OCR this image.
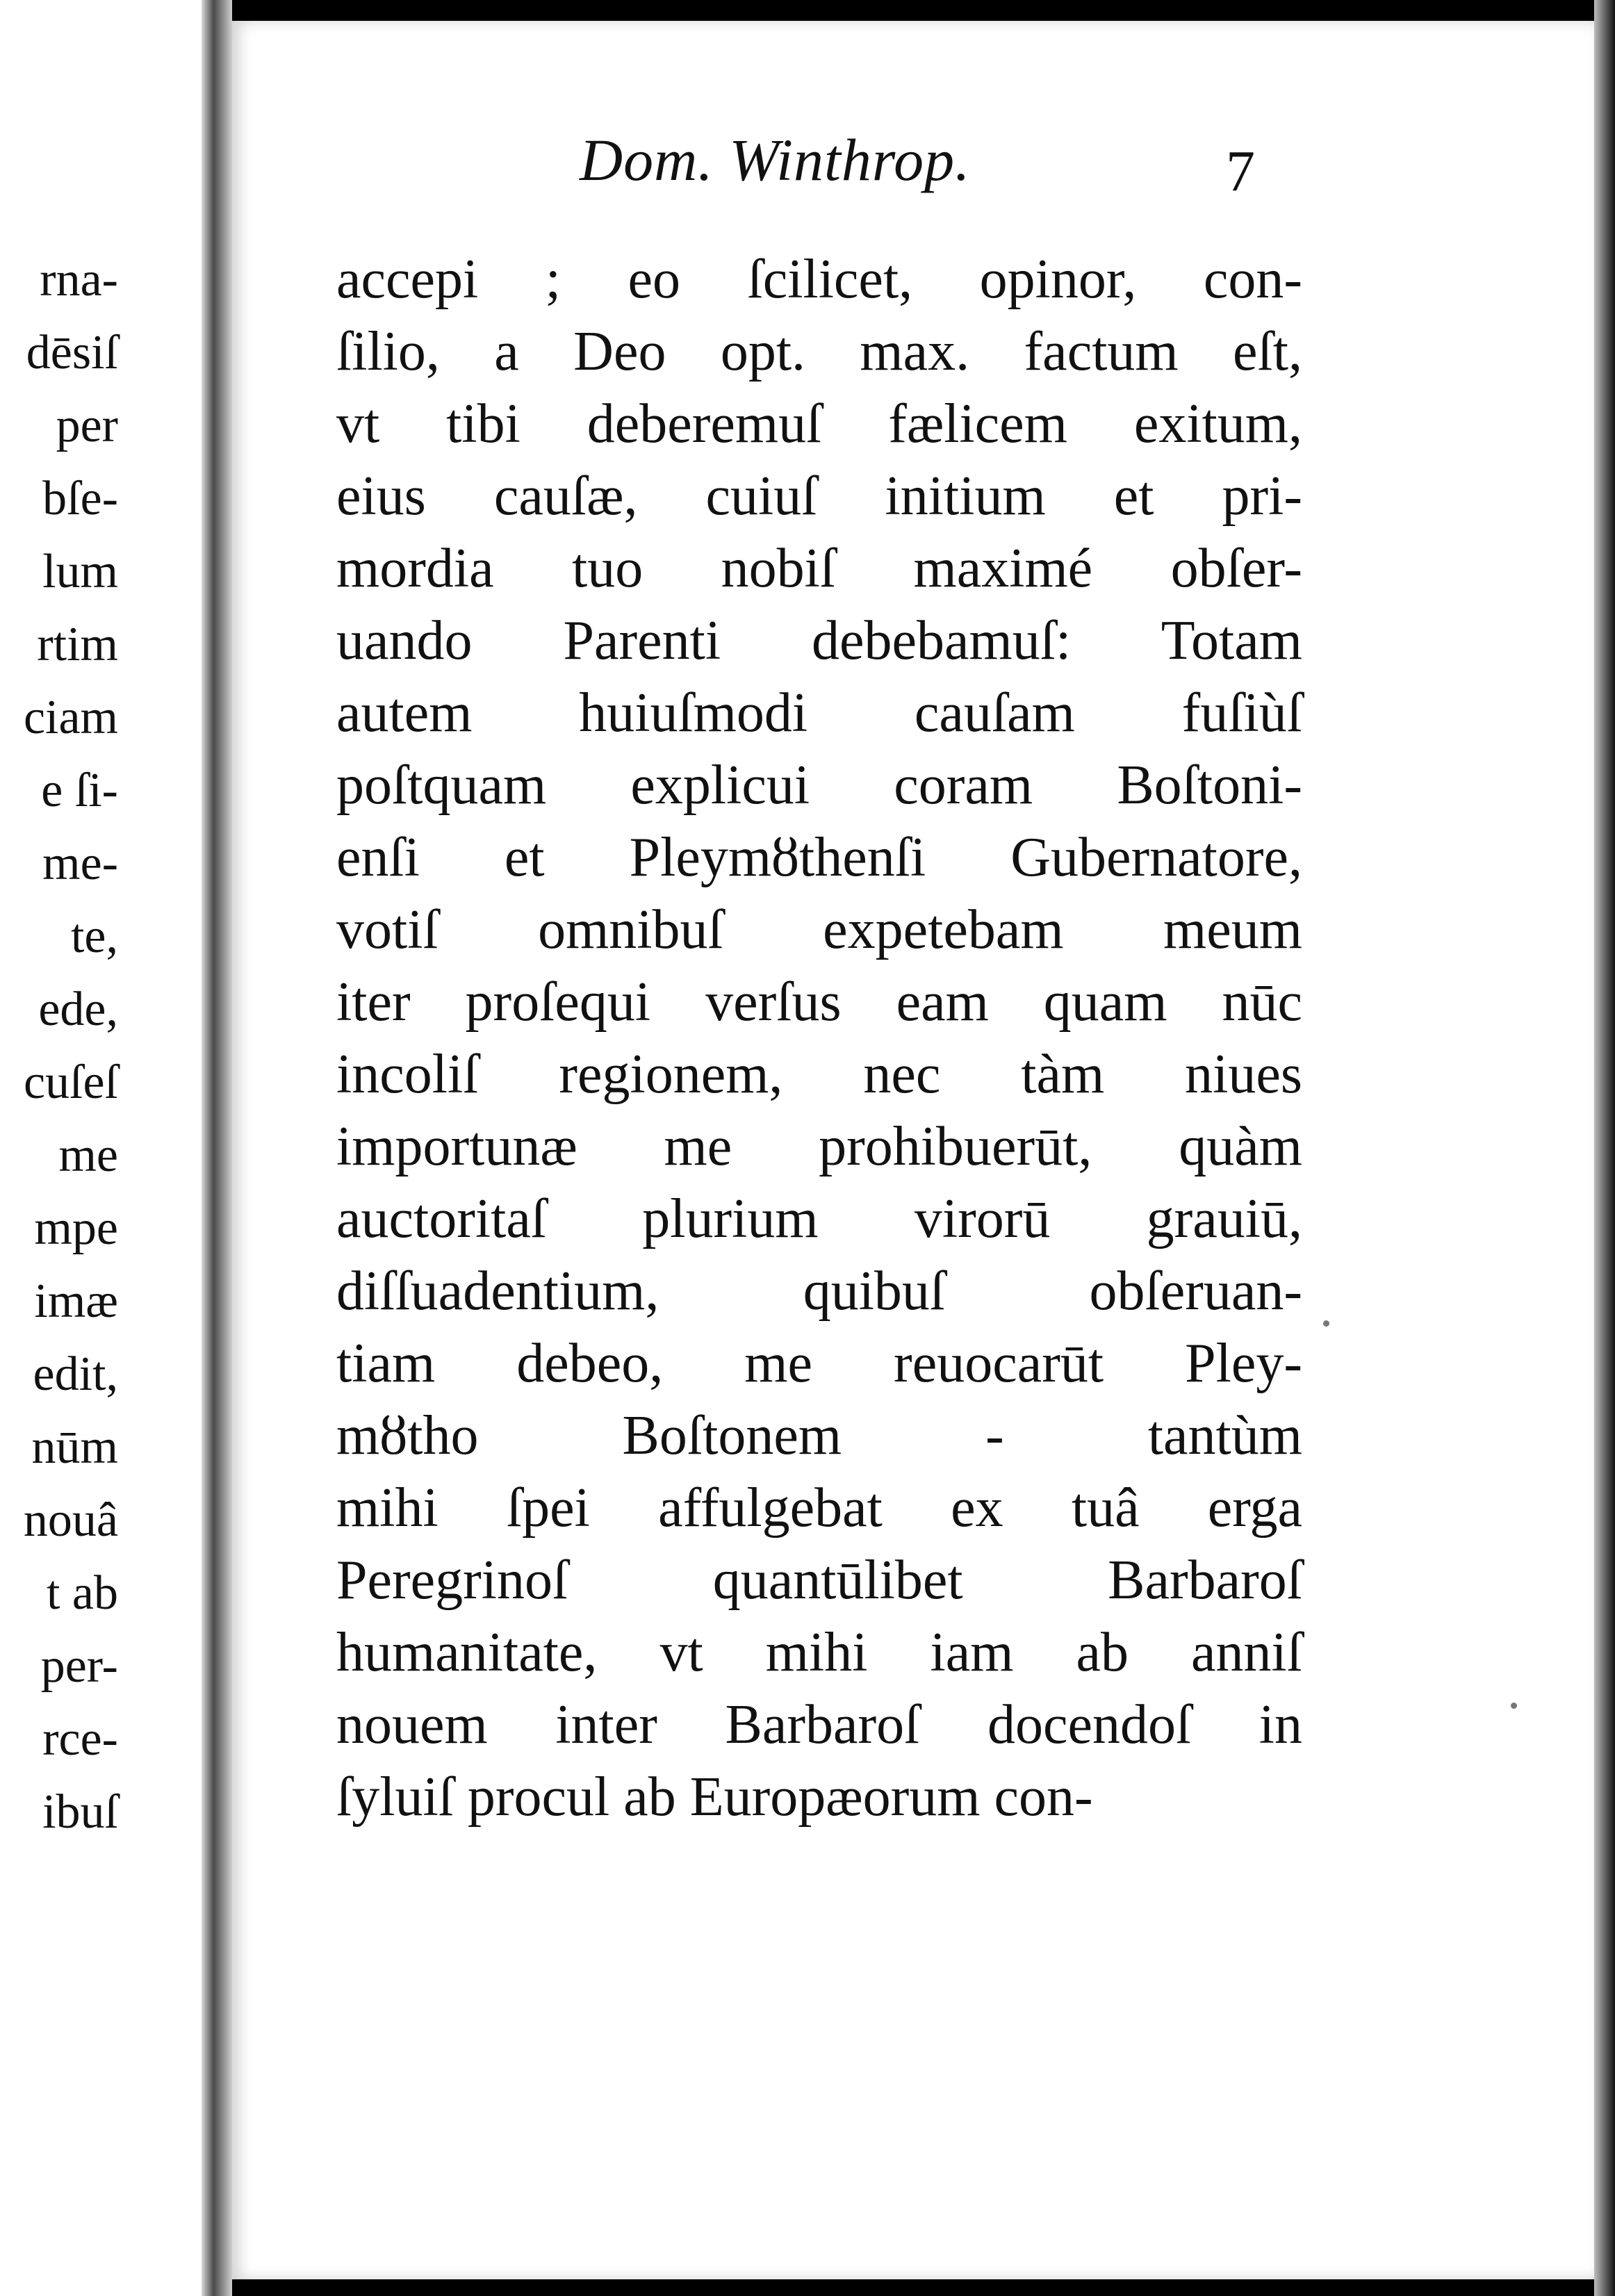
rna-
dēsiſ
per
bſe-
lum
rtim
ciam
e ſi-
me-
te,
ede,
cuſeſ
me
mpe
imæ
edit,
nūm
nouâ
t ab
per-
rce-
ibuſ
Dom. Winthrop.	7
accepi ; eo ſcilicet, opinor, con-
ſilio, a Deo opt. max. factum eſt,
vt tibi deberemuſ fælicem exitum,
eius cauſæ, cuiuſ initium et pri-
mordia tuo nobiſ maximé obſer-
uando Parenti debebamuſ: Totam
autem huiuſmodi cauſam fuſiùſ
poſtquam explicui coram Boſtoni-
enſi et Pleymȣthenſi Gubernatore,
votiſ omnibuſ expetebam meum
iter proſequi verſus eam quam nūc
incoliſ regionem, nec tàm niues
importunæ me prohibuerūt, quàm
auctoritaſ plurium virorū grauiū,
diſſuadentium, quibuſ obſeruan-
tiam debeo, me reuocarūt Pley-
mȣtho Boſtonem - tantùm
mihi ſpei affulgebat ex tuâ erga
Peregrinoſ quantūlibet Barbaroſ
humanitate, vt mihi iam ab anniſ
nouem inter Barbaroſ docendoſ in
ſyluiſ procul ab Europæorum con-
